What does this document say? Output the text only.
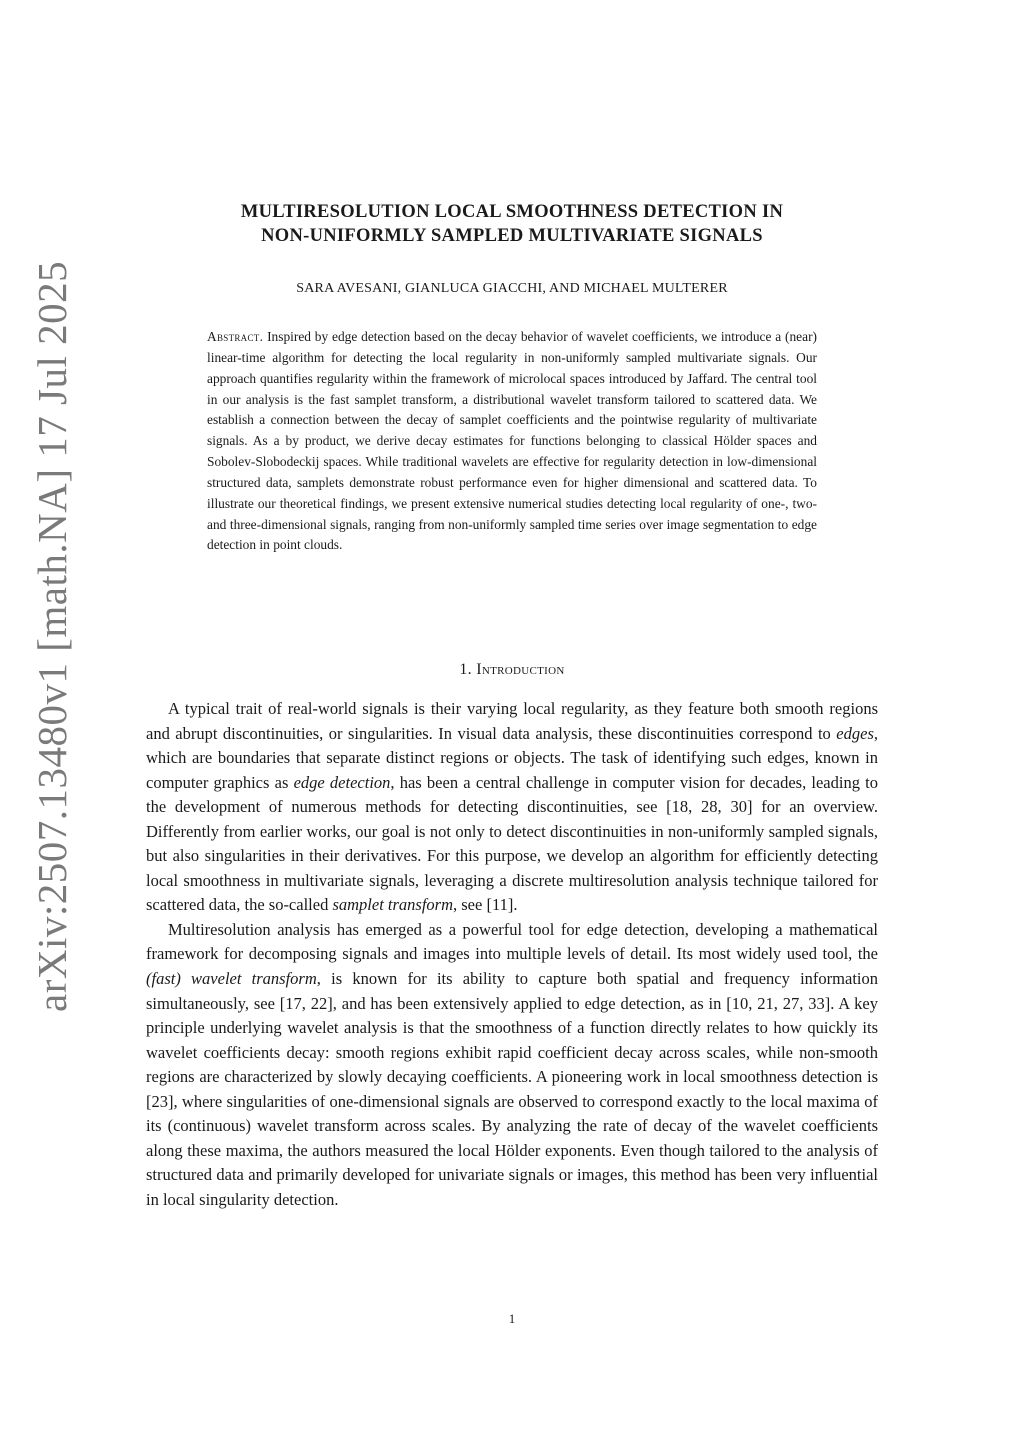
arXiv:2507.13480v1 [math.NA] 17 Jul 2025
MULTIRESOLUTION LOCAL SMOOTHNESS DETECTION IN
NON-UNIFORMLY SAMPLED MULTIVARIATE SIGNALS
SARA AVESANI, GIANLUCA GIACCHI, AND MICHAEL MULTERER

Abstract. Inspired by edge detection based on the decay behavior of wavelet coefficients, we introduce a (near) linear-time algorithm for detecting the local regularity in non-uniformly sampled multivariate signals. Our approach quantifies regularity within the framework of microlocal spaces introduced by Jaffard. The central tool in our analysis is the fast samplet transform, a distributional wavelet transform tailored to scattered data. We establish a connection between the decay of samplet coefficients and the pointwise regularity of multivariate signals. As a by product, we derive decay estimates for functions belonging to classical Hölder spaces and Sobolev-Slobodeckij spaces. While traditional wavelets are effective for regularity detection in low-dimensional structured data, samplets demonstrate robust performance even for higher dimensional and scattered data. To illustrate our theoretical findings, we present extensive numerical studies detecting local regularity of one-, two- and three-dimensional signals, ranging from non-uniformly sampled time series over image segmentation to edge detection in point clouds.

1. Introduction

A typical trait of real-world signals is their varying local regularity, as they feature both smooth regions and abrupt discontinuities, or singularities. In visual data analysis, these discontinuities correspond to edges, which are boundaries that separate distinct regions or objects. The task of identifying such edges, known in computer graphics as edge detection, has been a central challenge in computer vision for decades, leading to the development of numerous methods for detecting discontinuities, see [18, 28, 30] for an overview. Differently from earlier works, our goal is not only to detect discontinuities in non-uniformly sampled signals, but also singularities in their derivatives. For this purpose, we develop an algorithm for efficiently detecting local smoothness in multivariate signals, leveraging a discrete multiresolution analysis technique tailored for scattered data, the so-called samplet transform, see [11].

Multiresolution analysis has emerged as a powerful tool for edge detection, developing a mathematical framework for decomposing signals and images into multiple levels of detail. Its most widely used tool, the (fast) wavelet transform, is known for its ability to capture both spatial and frequency information simultaneously, see [17, 22], and has been extensively applied to edge detection, as in [10, 21, 27, 33]. A key principle underlying wavelet analysis is that the smoothness of a function directly relates to how quickly its wavelet coefficients decay: smooth regions exhibit rapid coefficient decay across scales, while non-smooth regions are characterized by slowly decaying coefficients. A pioneering work in local smoothness detection is [23], where singularities of one-dimensional signals are observed to correspond exactly to the local maxima of its (continuous) wavelet transform across scales. By analyzing the rate of decay of the wavelet coefficients along these maxima, the authors measured the local Hölder exponents. Even though tailored to the analysis of structured data and primarily developed for univariate signals or images, this method has been very influential in local singularity detection.

1
